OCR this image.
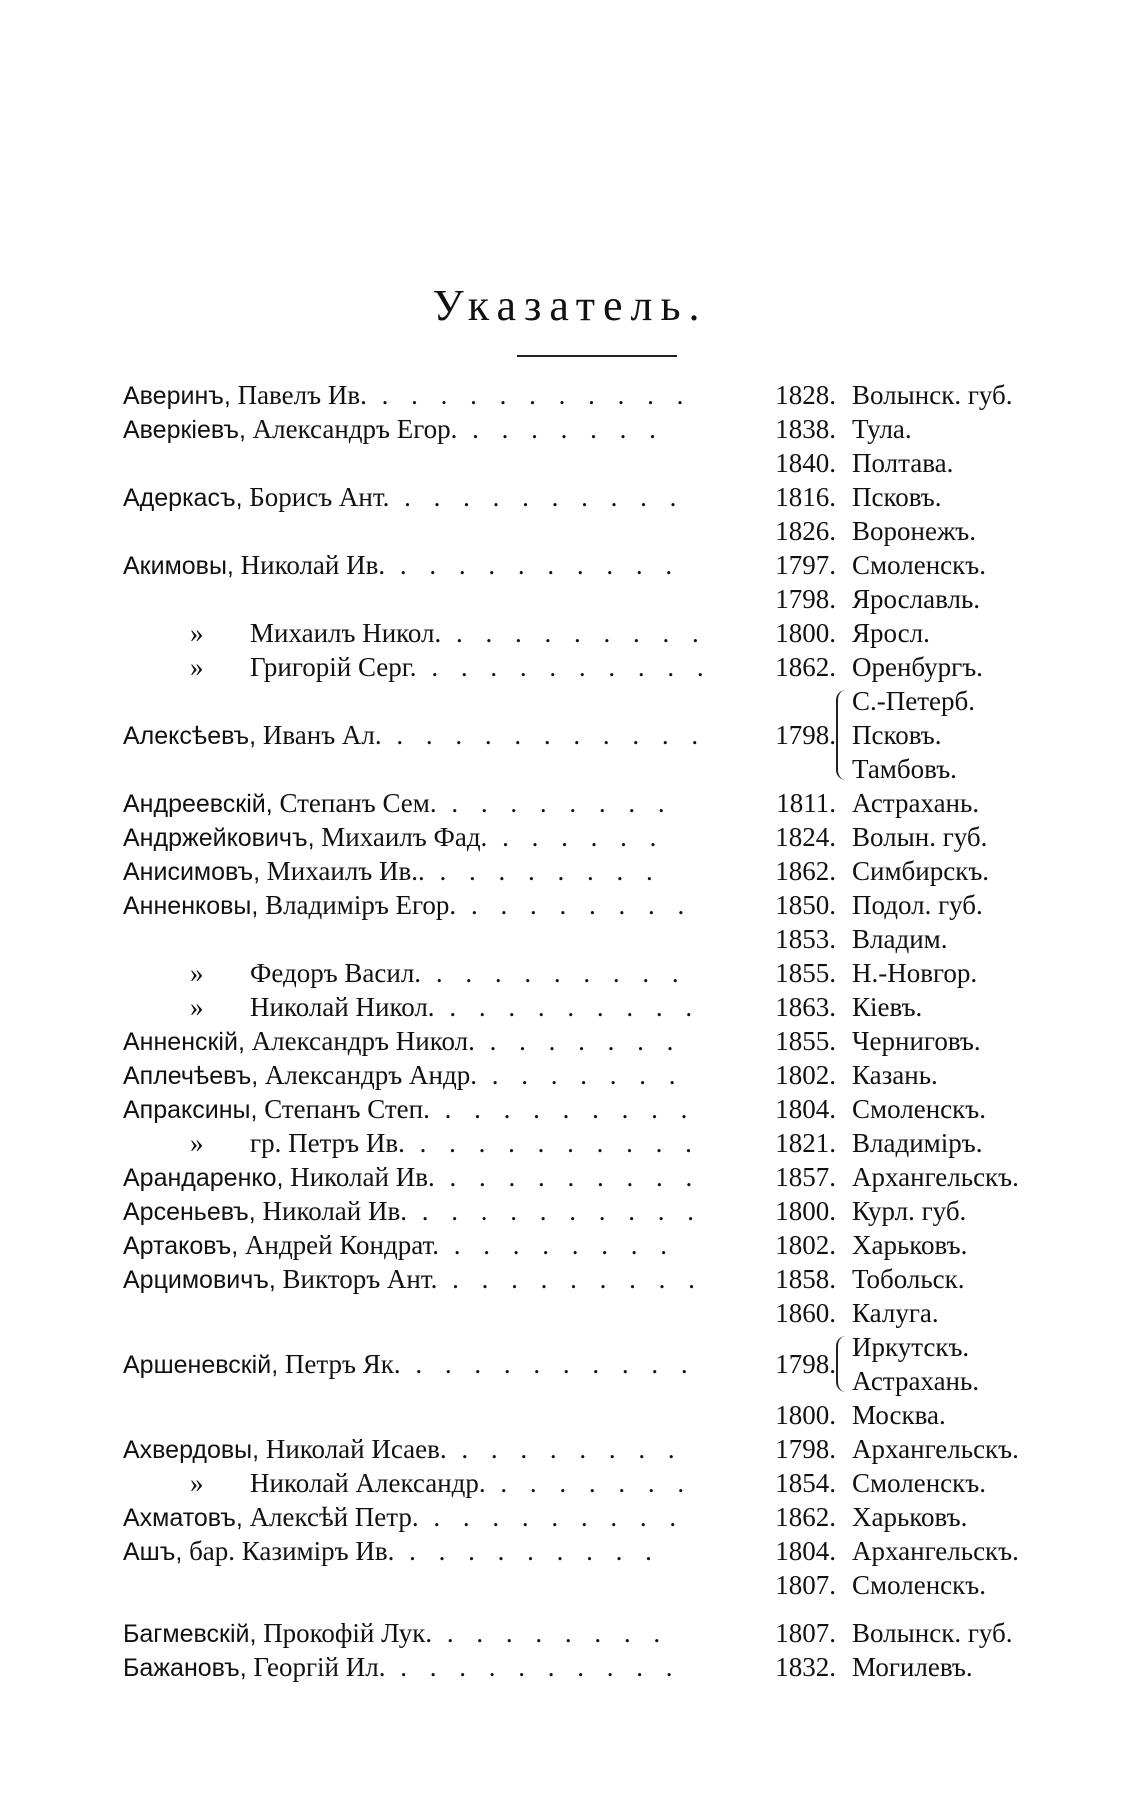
Указатель.
Аверинъ, Павелъ Ив. . . . . . . . . . . .	1828. Волынск. губ.
Аверкіевъ, Александръ Егор. . . . . . . .	1838. Тула.
1840. Полтава.
Адеркасъ, Борисъ Ант. . . . . . . . . . .	1816. Псковъ.
1826. Воронежъ.
Акимовы, Николай Ив. . . . . . . . . . .	1797. Смоленскъ.
1798. Ярославль.
» Михаилъ Никол. . . . . . . . . .	1800. Яросл.
» Григорій Серг. . . . . . . . . . .	1862. Оренбургъ.
Алексѣевъ, Иванъ Ал. . . . . . . . . . . .	1798.
С.-Петерб.
Псковъ.
Тамбовъ.
Андреевскій, Степанъ Сем. . . . . . . . .	1811. Астрахань.
Андржейковичъ, Михаилъ Фад. . . . . . .	1824. Волын. губ.
Анисимовъ, Михаилъ Ив.. . . . . . . . .	1862. Симбирскъ.
Анненковы, Владиміръ Егор. . . . . . . . .	1850. Подол. губ.
1853. Владим.
» Федоръ Васил. . . . . . . . . .	1855. Н.-Новгор.
» Николай Никол. . . . . . . . . .	1863. Кіевъ.
Анненскій, Александръ Никол. . . . . . . .	1855. Черниговъ.
Аплечѣевъ, Александръ Андр. . . . . . . .	1802. Казань.
Апраксины, Степанъ Степ. . . . . . . . . .	1804. Смоленскъ.
» гр. Петръ Ив. . . . . . . . . . .	1821. Владиміръ.
Арандаренко, Николай Ив. . . . . . . . . .	1857. Архангельскъ.
Арсеньевъ, Николай Ив. . . . . . . . . . .	1800. Курл. губ.
Артаковъ, Андрей Кондрат. . . . . . . . .	1802. Харьковъ.
Арцимовичъ, Викторъ Ант. . . . . . . . . .	1858. Тобольск.
1860. Калуга.
Аршеневскій, Петръ Як. . . . . . . . . . .	1798.
Иркутскъ.
Астрахань.
1800. Москва.
Ахвердовы, Николай Исаев. . . . . . . . .	1798. Архангельскъ.
» Николай Александр. . . . . . . .	1854. Смоленскъ.
Ахматовъ, Алексѣй Петр. . . . . . . . . .	1862. Харьковъ.
Ашъ, бар. Казиміръ Ив. . . . . . . . . .	1804. Архангельскъ.
1807. Смоленскъ.
Багмевскій, Прокофій Лук. . . . . . . . .	1807. Волынск. губ.
Бажановъ, Георгій Ил. . . . . . . . . . .	1832. Могилевъ.
